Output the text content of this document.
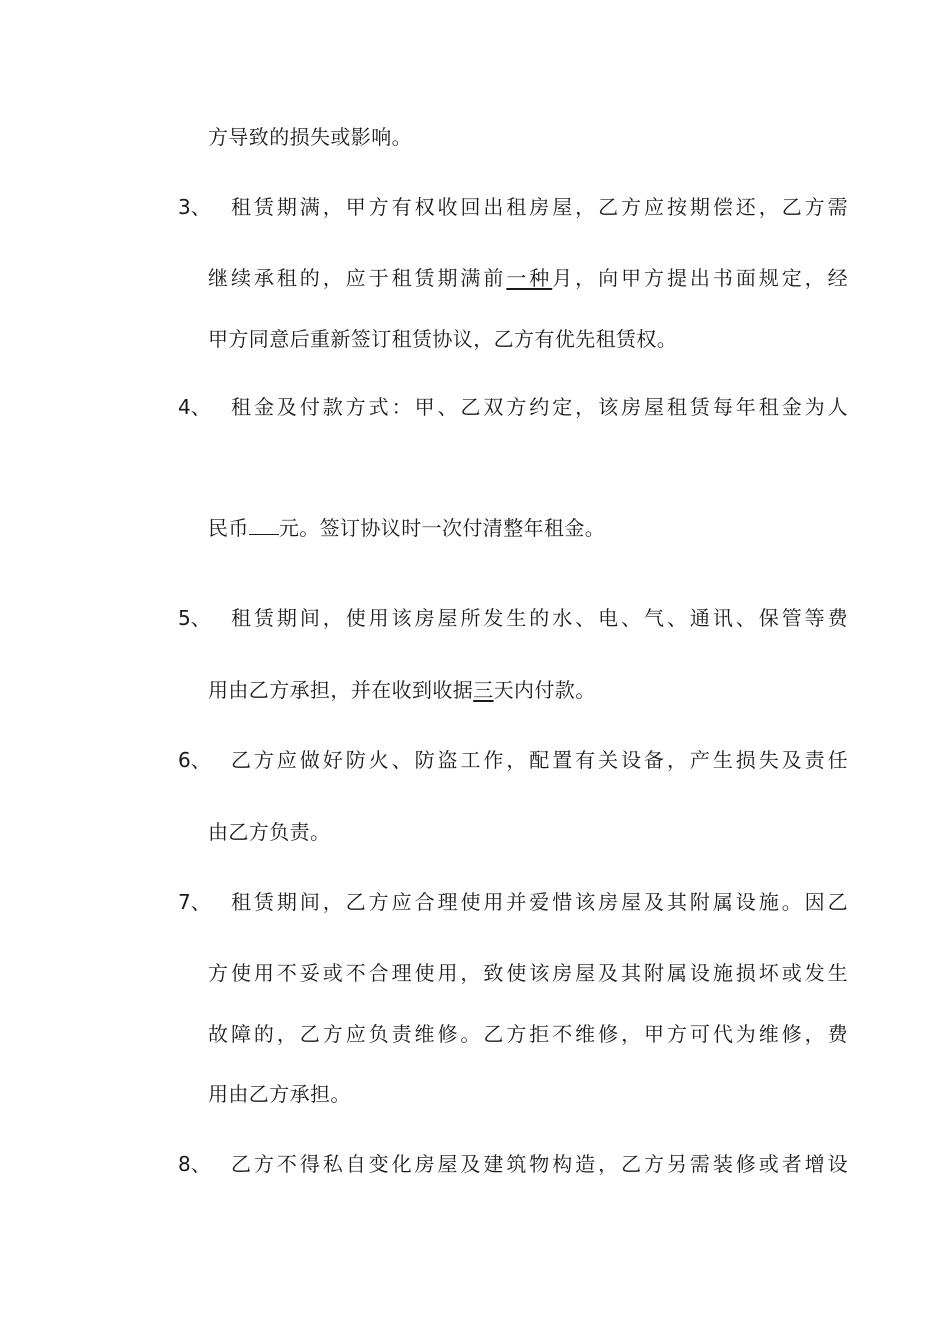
方导致的损失或影响。
3、 租赁期满，甲方有权收回出租房屋，乙方应按期偿还，乙方需
继续承租的，应于租赁期满前一种月，向甲方提出书面规定，经
甲方同意后重新签订租赁协议，乙方有优先租赁权。
4、 租金及付款方式：甲、乙双方约定，该房屋租赁每年租金为人
民币 元。签订协议时一次付清整年租金。
5、 租赁期间，使用该房屋所发生的水、电、气、通讯、保管等费
用由乙方承担，并在收到收据三天内付款。
6、 乙方应做好防火、防盗工作，配置有关设备，产生损失及责任
由乙方负责。
7、 租赁期间，乙方应合理使用并爱惜该房屋及其附属设施。因乙
方使用不妥或不合理使用，致使该房屋及其附属设施损坏或发生
故障的，乙方应负责维修。乙方拒不维修，甲方可代为维修，费
用由乙方承担。
8、 乙方不得私自变化房屋及建筑物构造，乙方另需装修或者增设
